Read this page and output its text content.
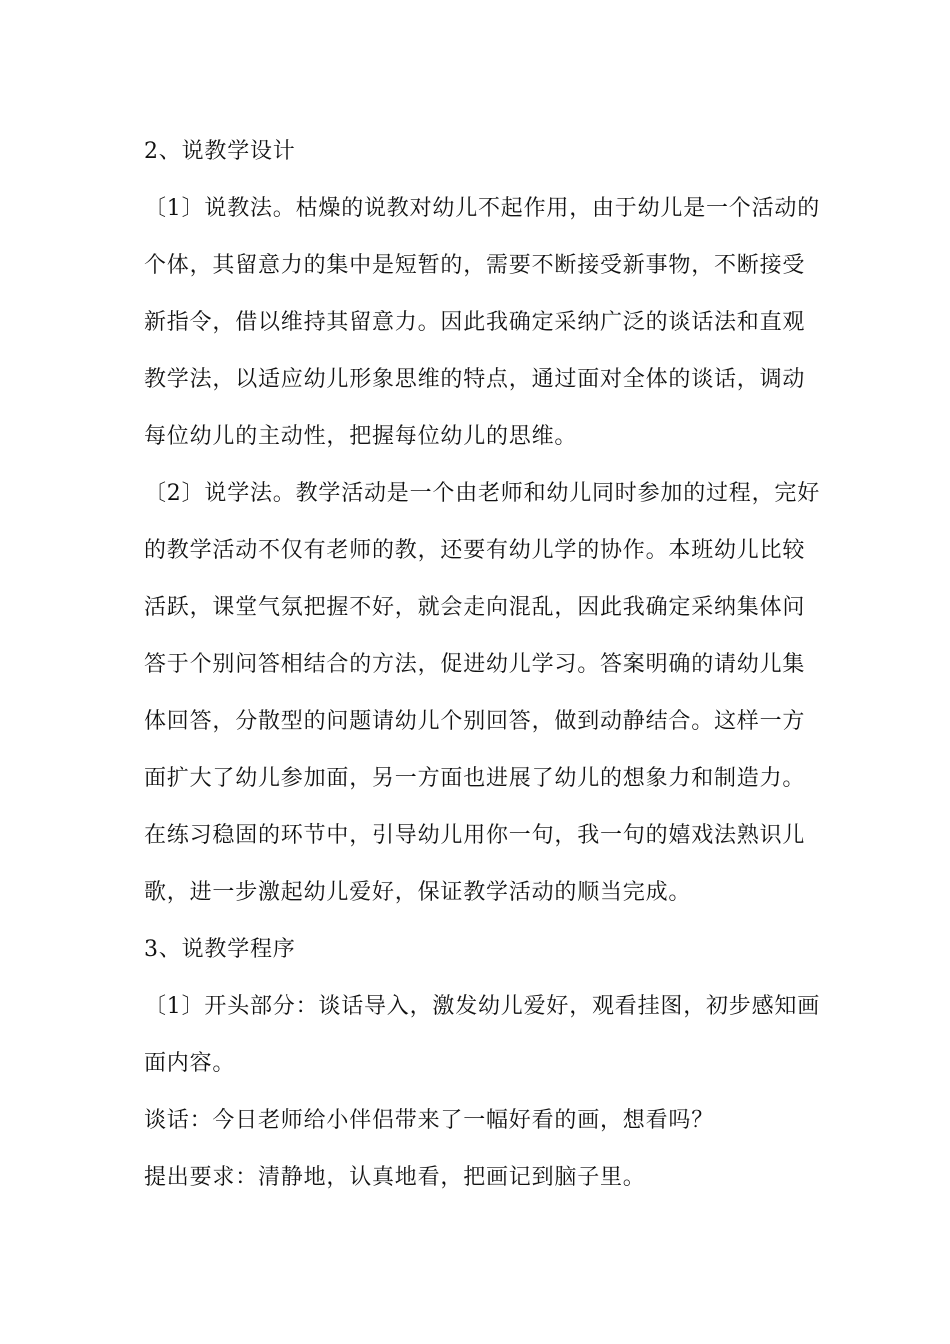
2、说教学设计

〔1〕说教法。枯燥的说教对幼儿不起作用，由于幼儿是一个活动的

个体，其留意力的集中是短暂的，需要不断接受新事物，不断接受

新指令，借以维持其留意力。因此我确定采纳广泛的谈话法和直观

教学法，以适应幼儿形象思维的特点，通过面对全体的谈话，调动

每位幼儿的主动性，把握每位幼儿的思维。

〔2〕说学法。教学活动是一个由老师和幼儿同时参加的过程，完好

的教学活动不仅有老师的教，还要有幼儿学的协作。本班幼儿比较

活跃，课堂气氛把握不好，就会走向混乱，因此我确定采纳集体问

答于个别问答相结合的方法，促进幼儿学习。答案明确的请幼儿集

体回答，分散型的问题请幼儿个别回答，做到动静结合。这样一方

面扩大了幼儿参加面，另一方面也进展了幼儿的想象力和制造力。

在练习稳固的环节中，引导幼儿用你一句，我一句的嬉戏法熟识儿

歌，进一步激起幼儿爱好，保证教学活动的顺当完成。

3、说教学程序

〔1〕开头部分：谈话导入，激发幼儿爱好，观看挂图，初步感知画

面内容。

谈话：今日老师给小伴侣带来了一幅好看的画，想看吗？

提出要求：清静地，认真地看，把画记到脑子里。
